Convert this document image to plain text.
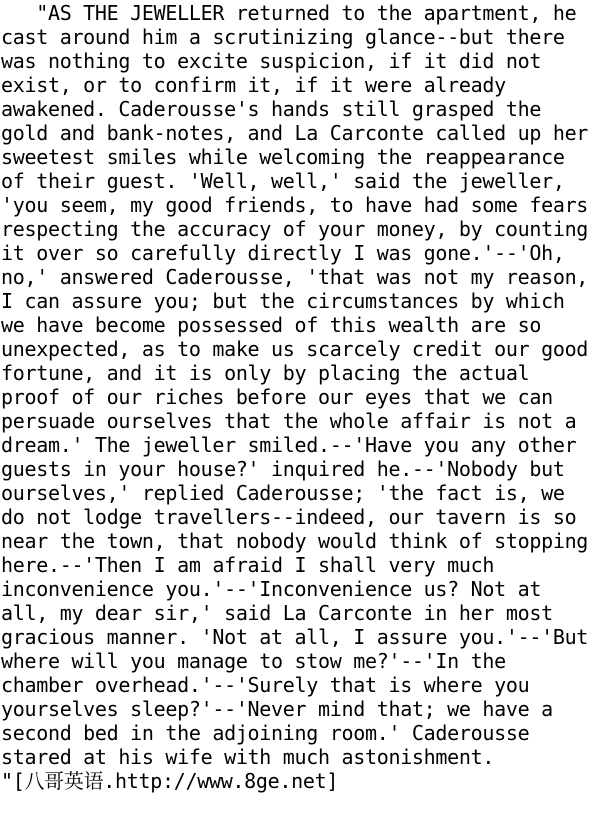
"AS THE JEWELLER returned to the apartment, he
cast around him a scrutinizing glance--but there
was nothing to excite suspicion, if it did not
exist, or to confirm it, if it were already
awakened. Caderousse's hands still grasped the
gold and bank-notes, and La Carconte called up her
sweetest smiles while welcoming the reappearance
of their guest. 'Well, well,' said the jeweller,
'you seem, my good friends, to have had some fears
respecting the accuracy of your money, by counting
it over so carefully directly I was gone.'--'Oh,
no,' answered Caderousse, 'that was not my reason,
I can assure you; but the circumstances by which
we have become possessed of this wealth are so
unexpected, as to make us scarcely credit our good
fortune, and it is only by placing the actual
proof of our riches before our eyes that we can
persuade ourselves that the whole affair is not a
dream.' The jeweller smiled.--'Have you any other
guests in your house?' inquired he.--'Nobody but
ourselves,' replied Caderousse; 'the fact is, we
do not lodge travellers--indeed, our tavern is so
near the town, that nobody would think of stopping
here.--'Then I am afraid I shall very much
inconvenience you.'--'Inconvenience us? Not at
all, my dear sir,' said La Carconte in her most
gracious manner. 'Not at all, I assure you.'--'But
where will you manage to stow me?'--'In the
chamber overhead.'--'Surely that is where you
yourselves sleep?'--'Never mind that; we have a
second bed in the adjoining room.' Caderousse
stared at his wife with much astonishment.
"[八哥英语.http://www.8ge.net]
